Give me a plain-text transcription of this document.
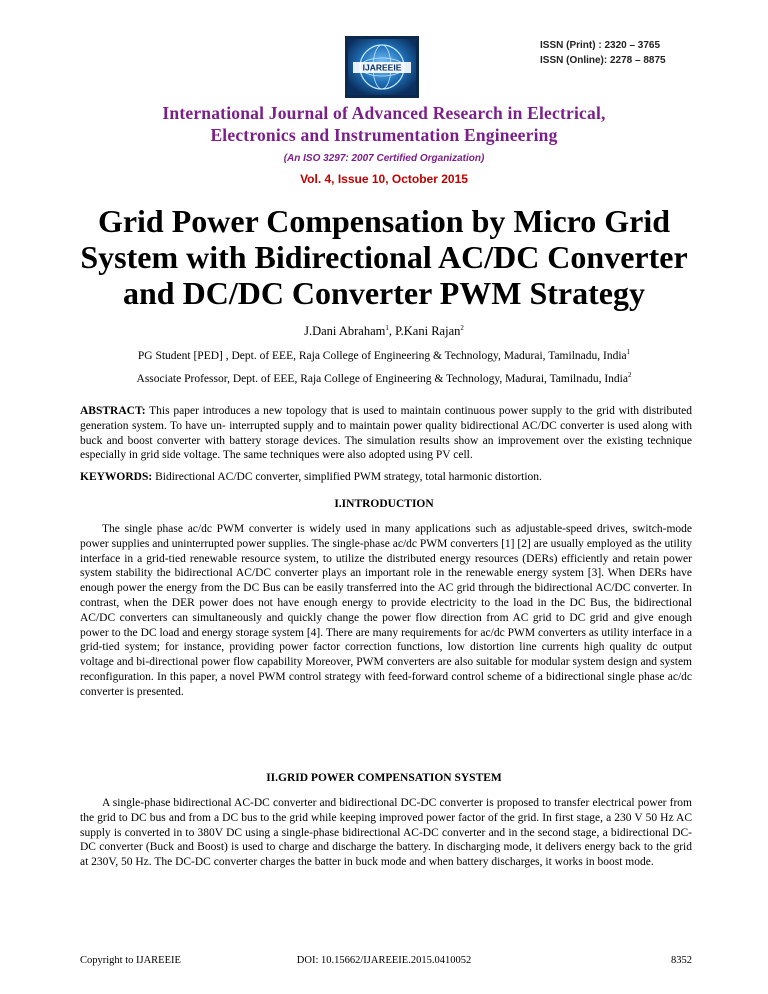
IJAREEIE
ISSN (Print) : 2320 – 3765
ISSN (Online): 2278 – 8875
International Journal of Advanced Research in Electrical,
Electronics and Instrumentation Engineering
(An ISO 3297: 2007 Certified Organization)
Vol. 4, Issue 10, October 2015
Grid Power Compensation by Micro Grid
System with Bidirectional AC/DC Converter
and DC/DC Converter PWM Strategy
J.Dani Abraham$^1$, P.Kani Rajan$^2$
PG Student [PED] , Dept. of EEE, Raja College of Engineering & Technology, Madurai, Tamilnadu, India$^1$
Associate Professor, Dept. of EEE, Raja College of Engineering & Technology, Madurai, Tamilnadu, India$^2$
ABSTRACT: This paper introduces a new topology that is used to maintain continuous power supply to the grid with distributed generation system. To have un- interrupted supply and to maintain power quality bidirectional AC/DC converter is used along with buck and boost converter with battery storage devices. The simulation results show an improvement over the existing technique especially in grid side voltage. The same techniques were also adopted using PV cell.
KEYWORDS: Bidirectional AC/DC converter, simplified PWM strategy, total harmonic distortion.
I.INTRODUCTION
The single phase ac/dc PWM converter is widely used in many applications such as adjustable-speed drives, switch-mode power supplies and uninterrupted power supplies. The single-phase ac/dc PWM converters [1] [2] are usually employed as the utility interface in a grid-tied renewable resource system, to utilize the distributed energy resources (DERs) efficiently and retain power system stability the bidirectional AC/DC converter plays an important role in the renewable energy system [3]. When DERs have enough power the energy from the DC Bus can be easily transferred into the AC grid through the bidirectional AC/DC converter. In contrast, when the DER power does not have enough energy to provide electricity to the load in the DC Bus, the bidirectional AC/DC converters can simultaneously and quickly change the power flow direction from AC grid to DC grid and give enough power to the DC load and energy storage system [4]. There are many requirements for ac/dc PWM converters as utility interface in a grid-tied system; for instance, providing power factor correction functions, low distortion line currents high quality dc output voltage and bi-directional power flow capability Moreover, PWM converters are also suitable for modular system design and system reconfiguration. In this paper, a novel PWM control strategy with feed-forward control scheme of a bidirectional single phase ac/dc converter is presented.
II.GRID POWER COMPENSATION SYSTEM
A single-phase bidirectional AC-DC converter and bidirectional DC-DC converter is proposed to transfer electrical power from the grid to DC bus and from a DC bus to the grid while keeping improved power factor of the grid. In first stage, a 230 V 50 Hz AC supply is converted in to 380V DC using a single-phase bidirectional AC-DC converter and in the second stage, a bidirectional DC-DC converter (Buck and Boost) is used to charge and discharge the battery. In discharging mode, it delivers energy back to the grid at 230V, 50 Hz. The DC-DC converter charges the batter in buck mode and when battery discharges, it works in boost mode.
Copyright to IJAREEIE	DOI: 10.15662/IJAREEIE.2015.0410052	8352
